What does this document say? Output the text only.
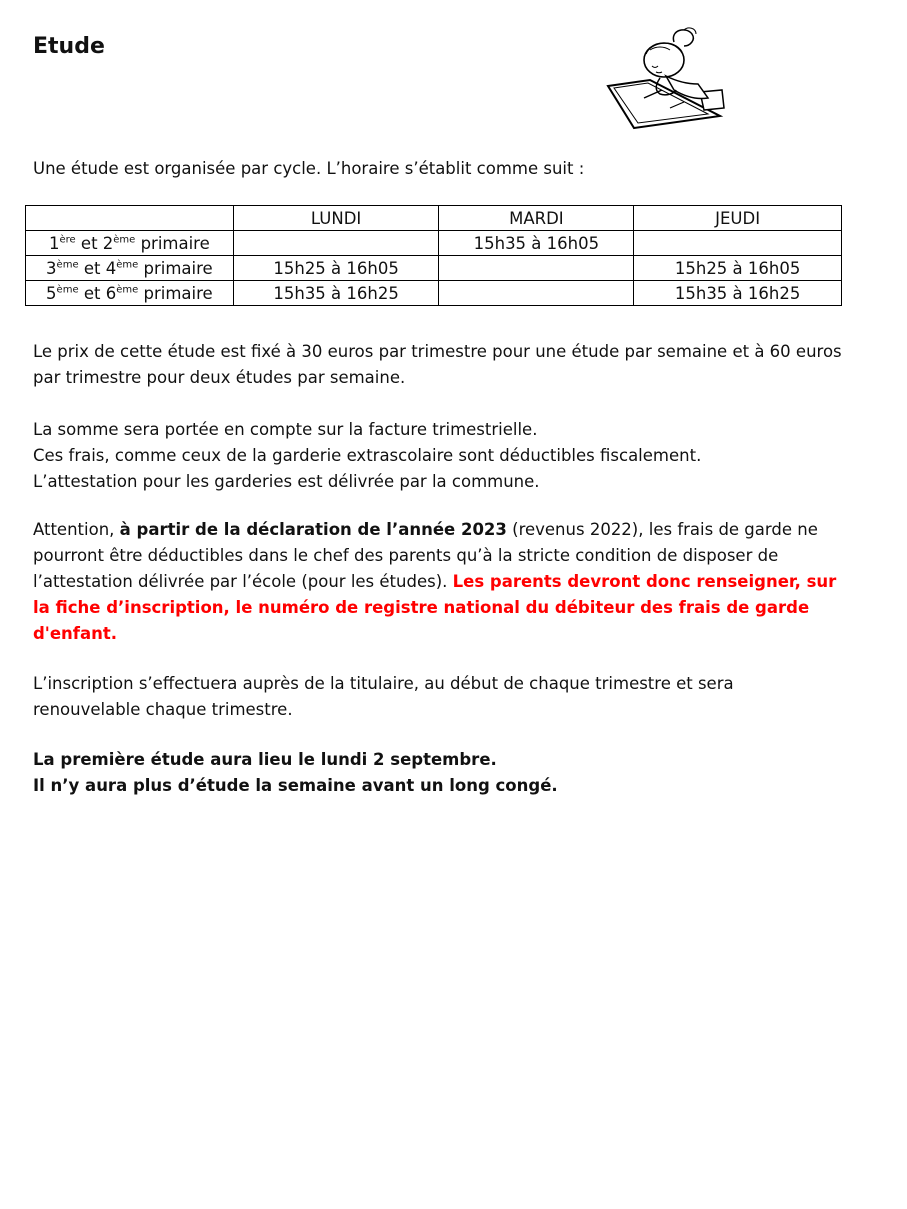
Etude

Une étude est organisée par cycle. L’horaire s’établit comme suit :

	LUNDI	MARDI	JEUDI
1ère et 2ème primaire		15h35 à 16h05	
3ème et 4ème primaire	15h25 à 16h05		15h25 à 16h05
5ème et 6ème primaire	15h35 à 16h25		15h35 à 16h25

Le prix de cette étude est fixé à 30 euros par trimestre pour une étude par semaine et à 60 euros par trimestre pour deux études par semaine.

La somme sera portée en compte sur la facture trimestrielle.
Ces frais, comme ceux de la garderie extrascolaire sont déductibles fiscalement.
L’attestation pour les garderies est délivrée par la commune.

Attention, à partir de la déclaration de l’année 2023 (revenus 2022), les frais de garde ne pourront être déductibles dans le chef des parents qu’à la stricte condition de disposer de l’attestation délivrée par l’école (pour les études). Les parents devront donc renseigner, sur la fiche d’inscription, le numéro de registre national du débiteur des frais de garde d'enfant.

L’inscription s’effectuera auprès de la titulaire, au début de chaque trimestre et sera renouvelable chaque trimestre.

La première étude aura lieu le lundi 2 septembre.
Il n’y aura plus d’étude la semaine avant un long congé.
